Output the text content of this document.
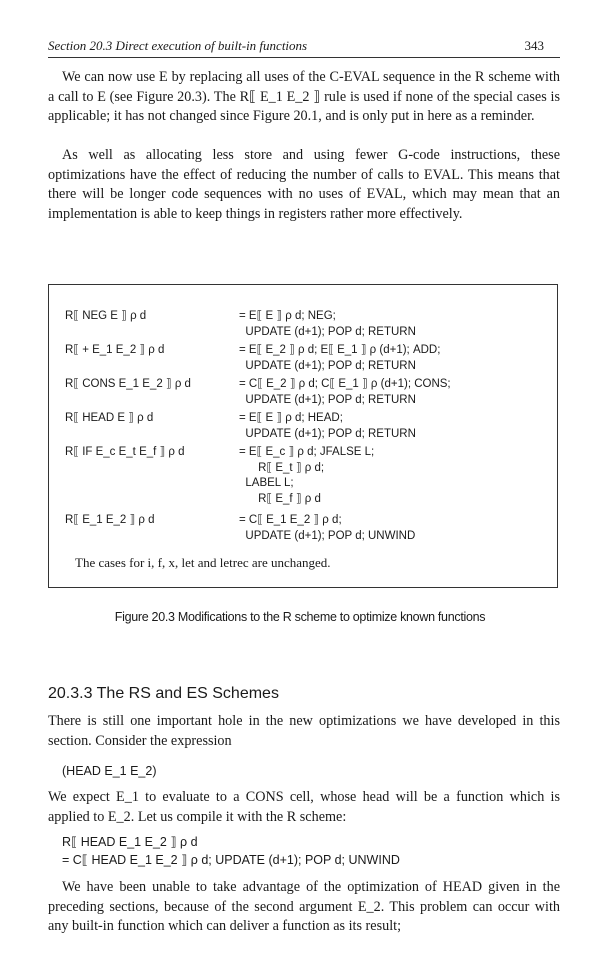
Section 20.3 Direct execution of built-in functions	343
We can now use E by replacing all uses of the C-EVAL sequence in the R scheme with a call to E (see Figure 20.3). The R⟦ E_1 E_2 ⟧ rule is used if none of the special cases is applicable; it has not changed since Figure 20.1, and is only put in here as a reminder.
As well as allocating less store and using fewer G-code instructions, these optimizations have the effect of reducing the number of calls to EVAL. This means that there will be longer code sequences with no uses of EVAL, which may mean that an implementation is able to keep things in registers rather more effectively.
R⟦ NEG E ⟧ ρ d	= E⟦ E ⟧ ρ d; NEG;
UPDATE (d+1); POP d; RETURN
R⟦ + E_1 E_2 ⟧ ρ d	= E⟦ E_2 ⟧ ρ d; E⟦ E_1 ⟧ ρ (d+1); ADD;
UPDATE (d+1); POP d; RETURN
R⟦ CONS E_1 E_2 ⟧ ρ d	= C⟦ E_2 ⟧ ρ d; C⟦ E_1 ⟧ ρ (d+1); CONS;
UPDATE (d+1); POP d; RETURN
R⟦ HEAD E ⟧ ρ d	= E⟦ E ⟧ ρ d; HEAD;
UPDATE (d+1); POP d; RETURN
R⟦ IF E_c E_t E_f ⟧ ρ d	= E⟦ E_c ⟧ ρ d; JFALSE L;
R⟦ E_t ⟧ ρ d;
LABEL L;
R⟦ E_f ⟧ ρ d
R⟦ E_1 E_2 ⟧ ρ d	= C⟦ E_1 E_2 ⟧ ρ d;
UPDATE (d+1); POP d; UNWIND
The cases for i, f, x, let and letrec are unchanged.
Figure 20.3 Modifications to the R scheme to optimize known functions
20.3.3 The RS and ES Schemes
There is still one important hole in the new optimizations we have developed in this section. Consider the expression
(HEAD E_1 E_2)
We expect E_1 to evaluate to a CONS cell, whose head will be a function which is applied to E_2. Let us compile it with the R scheme:
R⟦ HEAD E_1 E_2 ⟧ ρ d
= C⟦ HEAD E_1 E_2 ⟧ ρ d; UPDATE (d+1); POP d; UNWIND
We have been unable to take advantage of the optimization of HEAD given in the preceding sections, because of the second argument E_2. This problem can occur with any built-in function which can deliver a function as its result;
